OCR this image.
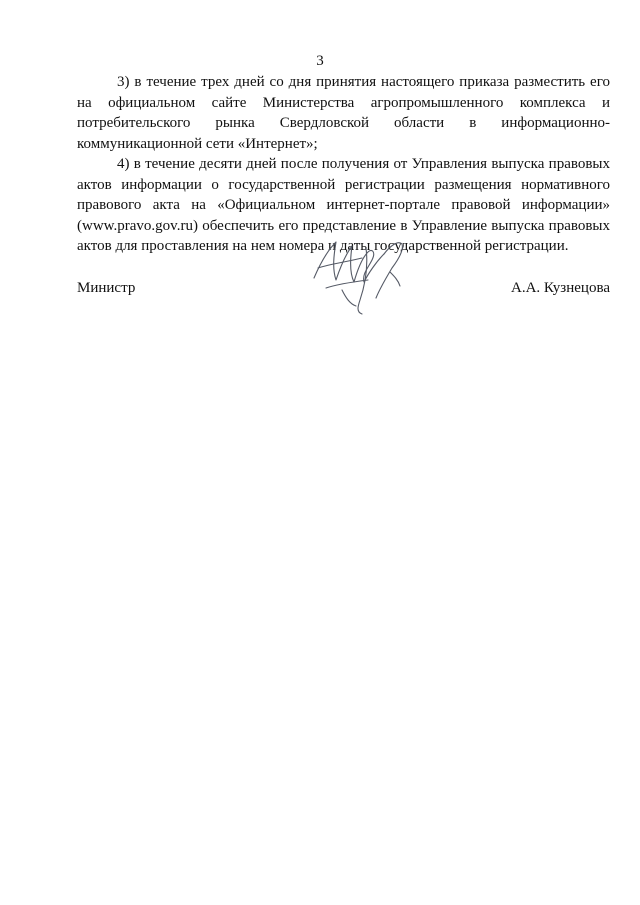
3

3) в течение трех дней со дня принятия настоящего приказа разместить его на официальном сайте Министерства агропромышленного комплекса и потребительского рынка Свердловской области в информационно-коммуникационной сети «Интернет»;

4) в течение десяти дней после получения от Управления выпуска правовых актов информации о государственной регистрации размещения нормативного правового акта на «Официальном интернет-портале правовой информации» (www.pravo.gov.ru) обеспечить его представление в Управление выпуска правовых актов для проставления на нем номера и даты государственной регистрации.

Министр	А.А. Кузнецова
